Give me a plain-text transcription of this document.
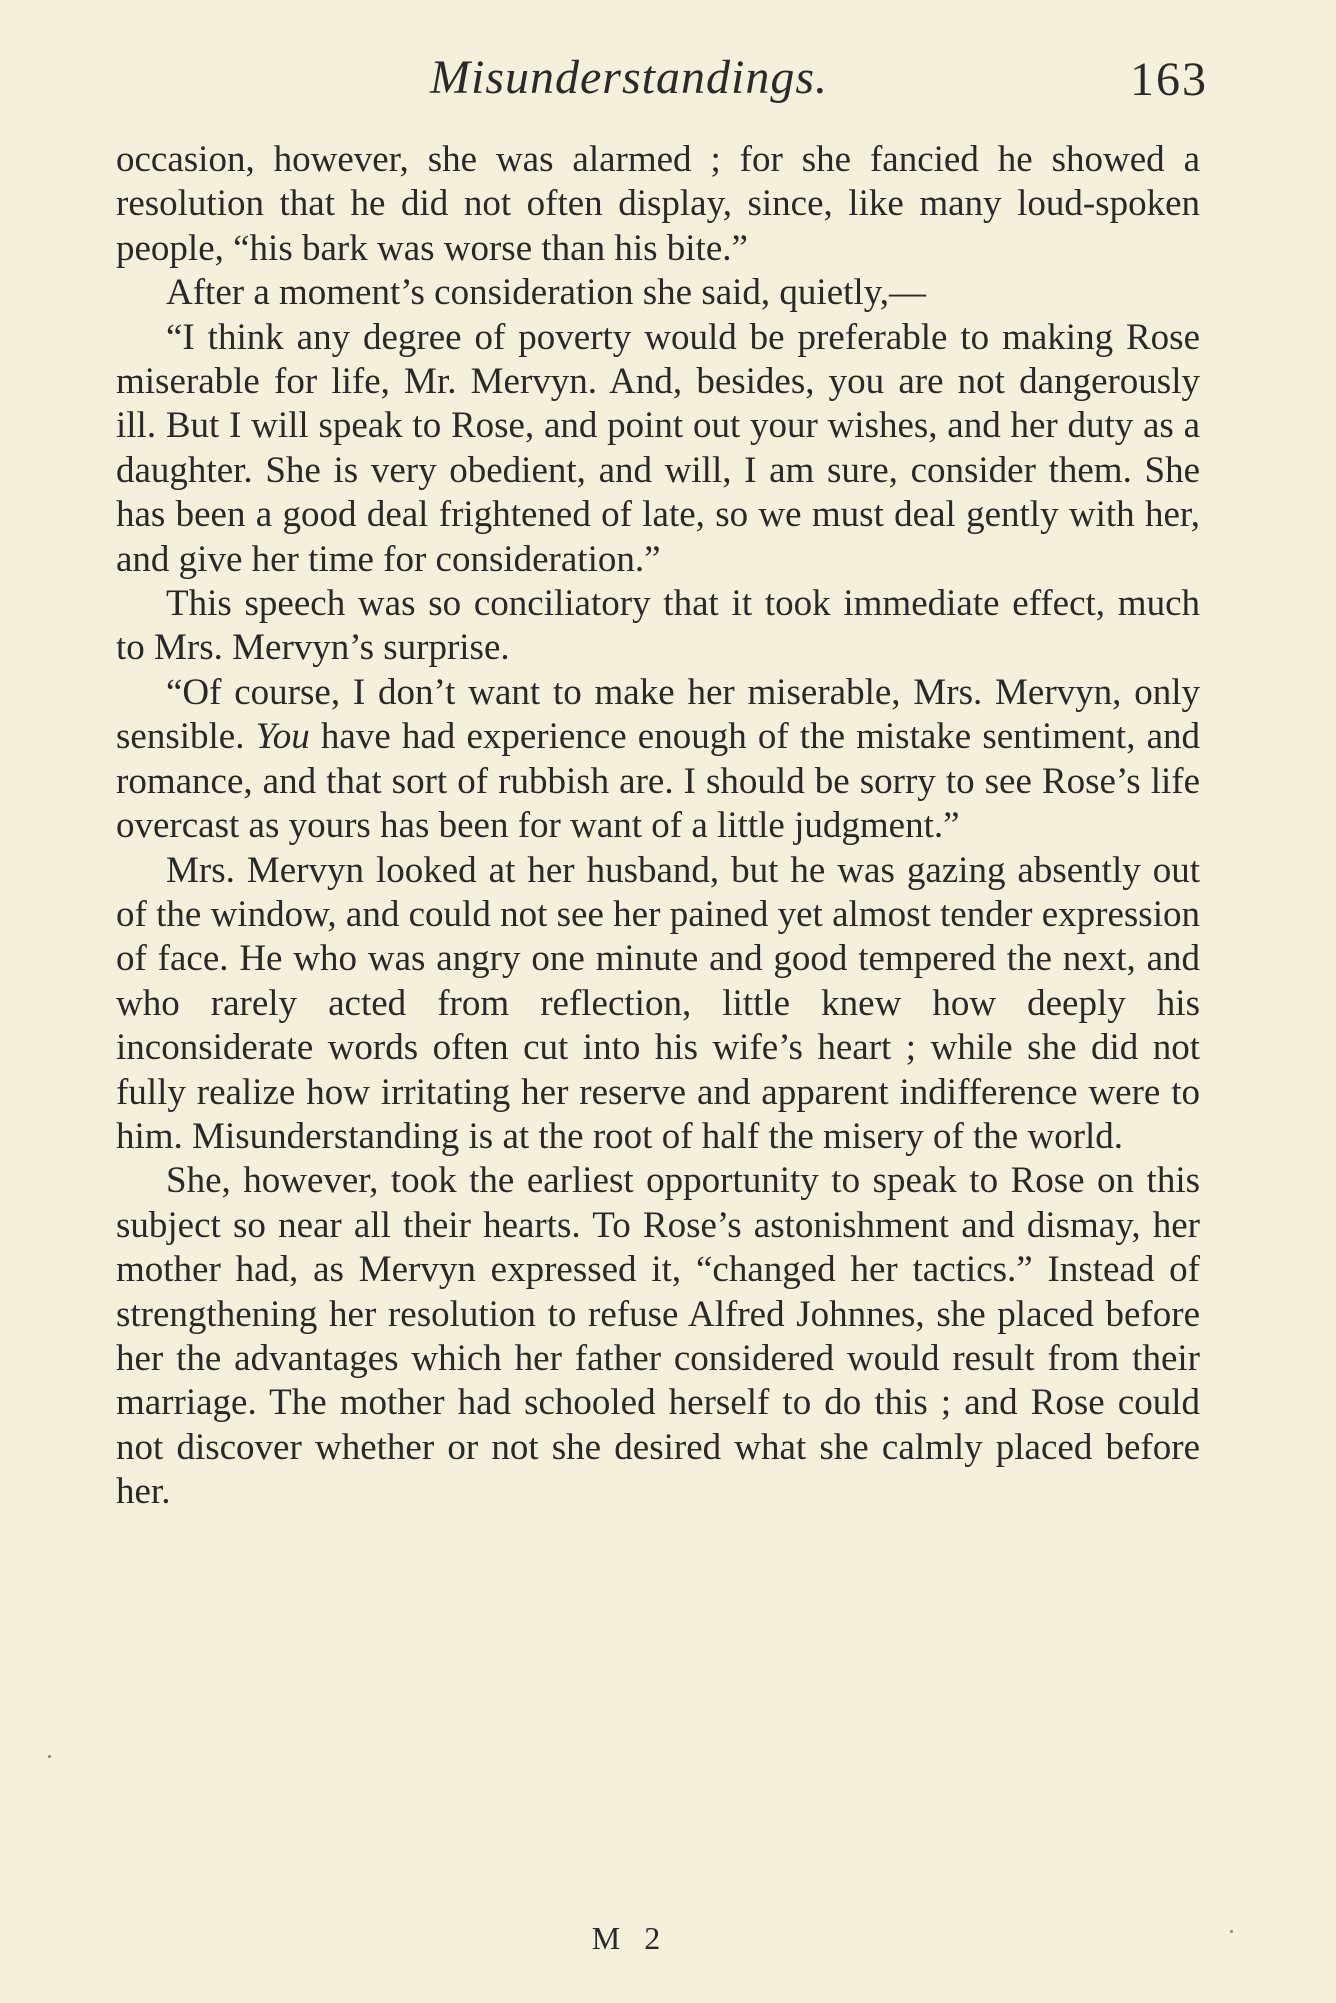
Misunderstandings.	163

occasion, however, she was alarmed ; for she fancied he showed a resolution that he did not often display, since, like many loud-spoken people, “his bark was worse than his bite.”

After a moment’s consideration she said, quietly,—

“I think any degree of poverty would be preferable to making Rose miserable for life, Mr. Mervyn. And, besides, you are not dangerously ill. But I will speak to Rose, and point out your wishes, and her duty as a daughter. She is very obedient, and will, I am sure, consider them. She has been a good deal frightened of late, so we must deal gently with her, and give her time for consideration.”

This speech was so conciliatory that it took immediate effect, much to Mrs. Mervyn’s surprise.

“Of course, I don’t want to make her miserable, Mrs. Mervyn, only sensible. You have had experience enough of the mistake sentiment, and romance, and that sort of rubbish are. I should be sorry to see Rose’s life overcast as yours has been for want of a little judgment.”

Mrs. Mervyn looked at her husband, but he was gazing absently out of the window, and could not see her pained yet almost tender expression of face. He who was angry one minute and good tempered the next, and who rarely acted from reflection, little knew how deeply his inconsiderate words often cut into his wife’s heart ; while she did not fully realize how irritating her reserve and apparent indifference were to him. Misunderstanding is at the root of half the misery of the world.

She, however, took the earliest opportunity to speak to Rose on this subject so near all their hearts. To Rose’s astonishment and dismay, her mother had, as Mervyn expressed it, “changed her tactics.” Instead of strengthening her resolution to refuse Alfred Johnnes, she placed before her the advantages which her father considered would result from their marriage. The mother had schooled herself to do this ; and Rose could not discover whether or not she desired what she calmly placed before her.

M 2
